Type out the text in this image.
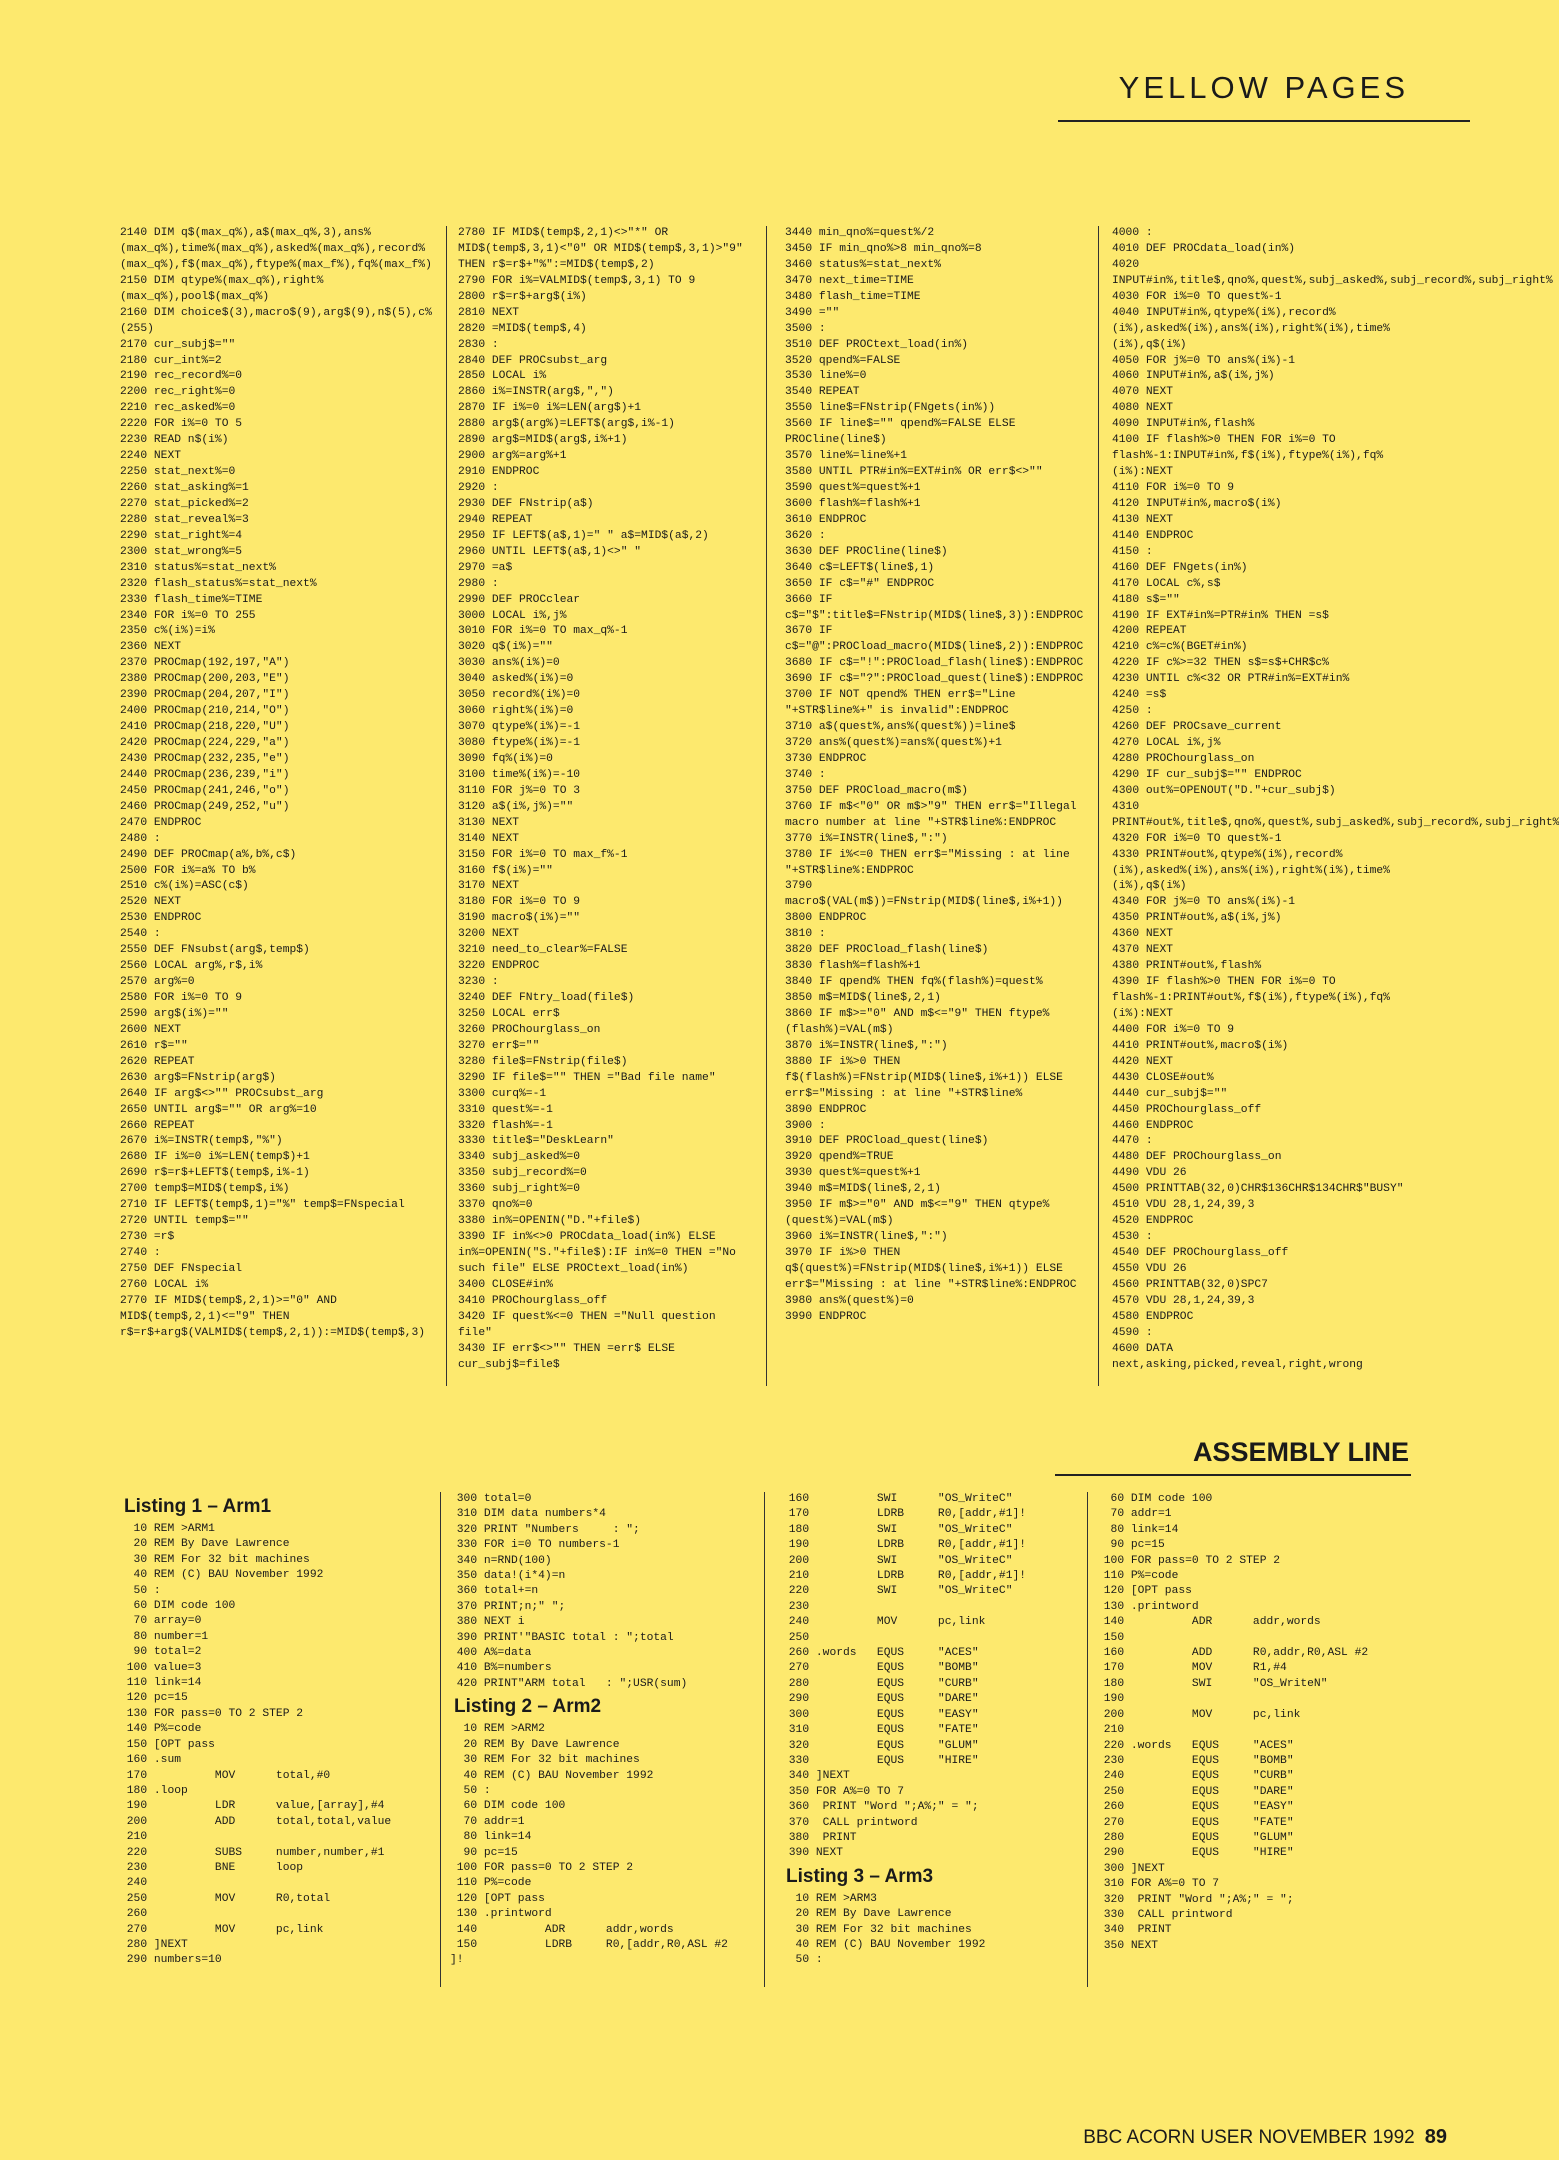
YELLOW PAGES
2140 DIM q$(max_q%),a$(max_q%,3),ans%(max_q%),time%(max_q%),asked%(max_q%),record%(max_q%),f$(max_q%),ftype%(max_f%),fq%(max_f%)
2150 DIM qtype%(max_q%),right%(max_q%),pool$(max_q%)
2160 DIM choice$(3),macro$(9),arg$(9),n$(5),c%(255)
2170 cur_subj$=""
2180 cur_int%=2
2190 rec_record%=0
2200 rec_right%=0
2210 rec_asked%=0
2220 FOR i%=0 TO 5
2230 READ n$(i%)
2240 NEXT
2250 stat_next%=0
2260 stat_asking%=1
2270 stat_picked%=2
2280 stat_reveal%=3
2290 stat_right%=4
2300 stat_wrong%=5
2310 status%=stat_next%
2320 flash_status%=stat_next%
2330 flash_time%=TIME
2340 FOR i%=0 TO 255
2350 c%(i%)=i%
2360 NEXT
2370 PROCmap(192,197,"A")
2380 PROCmap(200,203,"E")
2390 PROCmap(204,207,"I")
2400 PROCmap(210,214,"O")
2410 PROCmap(218,220,"U")
2420 PROCmap(224,229,"a")
2430 PROCmap(232,235,"e")
2440 PROCmap(236,239,"i")
2450 PROCmap(241,246,"o")
2460 PROCmap(249,252,"u")
2470 ENDPROC
2480 :
2490 DEF PROCmap(a%,b%,c$)
2500 FOR i%=a% TO b%
2510 c%(i%)=ASC(c$)
2520 NEXT
2530 ENDPROC
2540 :
2550 DEF FNsubst(arg$,temp$)
2560 LOCAL arg%,r$,i%
2570 arg%=0
2580 FOR i%=0 TO 9
2590 arg$(i%)=""
2600 NEXT
2610 r$=""
2620 REPEAT
2630 arg$=FNstrip(arg$)
2640 IF arg$<>"" PROCsubst_arg
2650 UNTIL arg$="" OR arg%=10
2660 REPEAT
2670 i%=INSTR(temp$,"%")
2680 IF i%=0 i%=LEN(temp$)+1
2690 r$=r$+LEFT$(temp$,i%-1)
2700 temp$=MID$(temp$,i%)
2710 IF LEFT$(temp$,1)="%" temp$=FNspecial
2720 UNTIL temp$=""
2730 =r$
2740 :
2750 DEF FNspecial
2760 LOCAL i%
2770 IF MID$(temp$,2,1)>="0" AND MID$(temp$,2,1)<="9" THEN r$=r$+arg$(VALMID$(temp$,2,1)):=MID$(temp$,3)
2780 IF MID$(temp$,2,1)<>"*" OR MID$(temp$,3,1)<"0" OR MID$(temp$,3,1)>"9" THEN r$=r$+"%":=MID$(temp$,2)
2790 FOR i%=VALMID$(temp$,3,1) TO 9
2800 r$=r$+arg$(i%)
2810 NEXT
2820 =MID$(temp$,4)
2830 :
2840 DEF PROCsubst_arg
2850 LOCAL i%
2860 i%=INSTR(arg$,",")
2870 IF i%=0 i%=LEN(arg$)+1
2880 arg$(arg%)=LEFT$(arg$,i%-1)
2890 arg$=MID$(arg$,i%+1)
2900 arg%=arg%+1
2910 ENDPROC
2920 :
2930 DEF FNstrip(a$)
2940 REPEAT
2950 IF LEFT$(a$,1)=" " a$=MID$(a$,2)
2960 UNTIL LEFT$(a$,1)<>" "
2970 =a$
2980 :
2990 DEF PROCclear
3000 LOCAL i%,j%
3010 FOR i%=0 TO max_q%-1
3020 q$(i%)=""
3030 ans%(i%)=0
3040 asked%(i%)=0
3050 record%(i%)=0
3060 right%(i%)=0
3070 qtype%(i%)=-1
3080 ftype%(i%)=-1
3090 fq%(i%)=0
3100 time%(i%)=-10
3110 FOR j%=0 TO 3
3120 a$(i%,j%)=""
3130 NEXT
3140 NEXT
3150 FOR i%=0 TO max_f%-1
3160 f$(i%)=""
3170 NEXT
3180 FOR i%=0 TO 9
3190 macro$(i%)=""
3200 NEXT
3210 need_to_clear%=FALSE
3220 ENDPROC
3230 :
3240 DEF FNtry_load(file$)
3250 LOCAL err$
3260 PROChourglass_on
3270 err$=""
3280 file$=FNstrip(file$)
3290 IF file$="" THEN ="Bad file name"
3300 curq%=-1
3310 quest%=-1
3320 flash%=-1
3330 title$="DeskLearn"
3340 subj_asked%=0
3350 subj_record%=0
3360 subj_right%=0
3370 qno%=0
3380 in%=OPENIN("D."+file$)
3390 IF in%<>0 PROCdata_load(in%) ELSE in%=OPENIN("S."+file$):IF in%=0 THEN ="No such file" ELSE PROCtext_load(in%)
3400 CLOSE#in%
3410 PROChourglass_off
3420 IF quest%<=0 THEN ="Null question file"
3430 IF err$<>"" THEN =err$ ELSE cur_subj$=file$
3440 min_qno%=quest%/2
3450 IF min_qno%>8 min_qno%=8
3460 status%=stat_next%
3470 next_time=TIME
3480 flash_time=TIME
3490 =""
3500 :
3510 DEF PROCtext_load(in%)
3520 qpend%=FALSE
3530 line%=0
3540 REPEAT
3550 line$=FNstrip(FNgets(in%))
3560 IF line$="" qpend%=FALSE ELSE PROCline(line$)
3570 line%=line%+1
3580 UNTIL PTR#in%=EXT#in% OR err$<>""
3590 quest%=quest%+1
3600 flash%=flash%+1
3610 ENDPROC
3620 :
3630 DEF PROCline(line$)
3640 c$=LEFT$(line$,1)
3650 IF c$="#" ENDPROC
3660 IF c$="$":title$=FNstrip(MID$(line$,3)):ENDPROC
3670 IF c$="@":PROCload_macro(MID$(line$,2)):ENDPROC
3680 IF c$="!":PROCload_flash(line$):ENDPROC
3690 IF c$="?":PROCload_quest(line$):ENDPROC
3700 IF NOT qpend% THEN err$="Line "+STR$line%+" is invalid":ENDPROC
3710 a$(quest%,ans%(quest%))=line$
3720 ans%(quest%)=ans%(quest%)+1
3730 ENDPROC
3740 :
3750 DEF PROCload_macro(m$)
3760 IF m$<"0" OR m$>"9" THEN err$="Illegal macro number at line "+STR$line%:ENDPROC
3770 i%=INSTR(line$,":")
3780 IF i%<=0 THEN err$="Missing : at line "+STR$line%:ENDPROC
3790 macro$(VAL(m$))=FNstrip(MID$(line$,i%+1))
3800 ENDPROC
3810 :
3820 DEF PROCload_flash(line$)
3830 flash%=flash%+1
3840 IF qpend% THEN fq%(flash%)=quest%
3850 m$=MID$(line$,2,1)
3860 IF m$>="0" AND m$<="9" THEN ftype%(flash%)=VAL(m$)
3870 i%=INSTR(line$,":")
3880 IF i%>0 THEN f$(flash%)=FNstrip(MID$(line$,i%+1)) ELSE err$="Missing : at line "+STR$line%
3890 ENDPROC
3900 :
3910 DEF PROCload_quest(line$)
3920 qpend%=TRUE
3930 quest%=quest%+1
3940 m$=MID$(line$,2,1)
3950 IF m$>="0" AND m$<="9" THEN qtype%(quest%)=VAL(m$)
3960 i%=INSTR(line$,":")
3970 IF i%>0 THEN q$(quest%)=FNstrip(MID$(line$,i%+1)) ELSE err$="Missing : at line "+STR$line%:ENDPROC
3980 ans%(quest%)=0
3990 ENDPROC
4000 :
4010 DEF PROCdata_load(in%)
4020 INPUT#in%,title$,qno%,quest%,subj_asked%,subj_record%,subj_right%
4030 FOR i%=0 TO quest%-1
4040 INPUT#in%,qtype%(i%),record%(i%),asked%(i%),ans%(i%),right%(i%),time%(i%),q$(i%)
4050 FOR j%=0 TO ans%(i%)-1
4060 INPUT#in%,a$(i%,j%)
4070 NEXT
4080 NEXT
4090 INPUT#in%,flash%
4100 IF flash%>0 THEN FOR i%=0 TO flash%-1:INPUT#in%,f$(i%),ftype%(i%),fq%(i%):NEXT
4110 FOR i%=0 TO 9
4120 INPUT#in%,macro$(i%)
4130 NEXT
4140 ENDPROC
4150 :
4160 DEF FNgets(in%)
4170 LOCAL c%,s$
4180 s$=""
4190 IF EXT#in%=PTR#in% THEN =s$
4200 REPEAT
4210 c%=c%(BGET#in%)
4220 IF c%>=32 THEN s$=s$+CHR$c%
4230 UNTIL c%<32 OR PTR#in%=EXT#in%
4240 =s$
4250 :
4260 DEF PROCsave_current
4270 LOCAL i%,j%
4280 PROChourglass_on
4290 IF cur_subj$="" ENDPROC
4300 out%=OPENOUT("D."+cur_subj$)
4310 PRINT#out%,title$,qno%,quest%,subj_asked%,subj_record%,subj_right%
4320 FOR i%=0 TO quest%-1
4330 PRINT#out%,qtype%(i%),record%(i%),asked%(i%),ans%(i%),right%(i%),time%(i%),q$(i%)
4340 FOR j%=0 TO ans%(i%)-1
4350 PRINT#out%,a$(i%,j%)
4360 NEXT
4370 NEXT
4380 PRINT#out%,flash%
4390 IF flash%>0 THEN FOR i%=0 TO flash%-1:PRINT#out%,f$(i%),ftype%(i%),fq%(i%):NEXT
4400 FOR i%=0 TO 9
4410 PRINT#out%,macro$(i%)
4420 NEXT
4430 CLOSE#out%
4440 cur_subj$=""
4450 PROChourglass_off
4460 ENDPROC
4470 :
4480 DEF PROChourglass_on
4490 VDU 26
4500 PRINTTAB(32,0)CHR$136CHR$134CHR$"BUSY"
4510 VDU 28,1,24,39,3
4520 ENDPROC
4530 :
4540 DEF PROChourglass_off
4550 VDU 26
4560 PRINTTAB(32,0)SPC7
4570 VDU 28,1,24,39,3
4580 ENDPROC
4590 :
4600 DATA next,asking,picked,reveal,right,wrong
ASSEMBLY LINE
Listing 1 – Arm1
10 REM >ARM1
20 REM By Dave Lawrence
30 REM For 32 bit machines
40 REM (C) BAU November 1992
50 :
60 DIM code 100
70 array=0
80 number=1
90 total=2
100 value=3
110 link=14
120 pc=15
130 FOR pass=0 TO 2 STEP 2
140 P%=code
150 [OPT pass
160 .sum
170          MOV      total,#0
180 .loop
190          LDR      value,[array],#4
200          ADD      total,total,value
210
220          SUBS     number,number,#1
230          BNE      loop
240
250          MOV      R0,total
260
270          MOV      pc,link
280 ]NEXT
290 numbers=10
300 total=0
310 DIM data numbers*4
320 PRINT "Numbers     : ";
330 FOR i=0 TO numbers-1
340 n=RND(100)
350 data!(i*4)=n
360 total+=n
370 PRINT;n;" ";
380 NEXT i
390 PRINT'"BASIC total : ";total
400 A%=data
410 B%=numbers
420 PRINT"ARM total   : ";USR(sum)
Listing 2 – Arm2
10 REM >ARM2
20 REM By Dave Lawrence
30 REM For 32 bit machines
40 REM (C) BAU November 1992
50 :
60 DIM code 100
70 addr=1
80 link=14
90 pc=15
100 FOR pass=0 TO 2 STEP 2
110 P%=code
120 [OPT pass
130 .printword
140          ADR      addr,words
150          LDRB     R0,[addr,R0,ASL #2
]!
160          SWI      "OS_WriteC"
170          LDRB     R0,[addr,#1]!
180          SWI      "OS_WriteC"
190          LDRB     R0,[addr,#1]!
200          SWI      "OS_WriteC"
210          LDRB     R0,[addr,#1]!
220          SWI      "OS_WriteC"
230
240          MOV      pc,link
250
260 .words   EQUS     "ACES"
270          EQUS     "BOMB"
280          EQUS     "CURB"
290          EQUS     "DARE"
300          EQUS     "EASY"
310          EQUS     "FATE"
320          EQUS     "GLUM"
330          EQUS     "HIRE"
340 ]NEXT
350 FOR A%=0 TO 7
360  PRINT "Word ";A%;" = ";
370  CALL printword
380  PRINT
390 NEXT
Listing 3 – Arm3
10 REM >ARM3
20 REM By Dave Lawrence
30 REM For 32 bit machines
40 REM (C) BAU November 1992
50 :
60 DIM code 100
70 addr=1
80 link=14
90 pc=15
100 FOR pass=0 TO 2 STEP 2
110 P%=code
120 [OPT pass
130 .printword
140          ADR      addr,words
150
160          ADD      R0,addr,R0,ASL #2
170          MOV      R1,#4
180          SWI      "OS_WriteN"
190
200          MOV      pc,link
210
220 .words   EQUS     "ACES"
230          EQUS     "BOMB"
240          EQUS     "CURB"
250          EQUS     "DARE"
260          EQUS     "EASY"
270          EQUS     "FATE"
280          EQUS     "GLUM"
290          EQUS     "HIRE"
300 ]NEXT
310 FOR A%=0 TO 7
320  PRINT "Word ";A%;" = ";
330  CALL printword
340  PRINT
350 NEXT
BBC ACORN USER NOVEMBER 1992 89
